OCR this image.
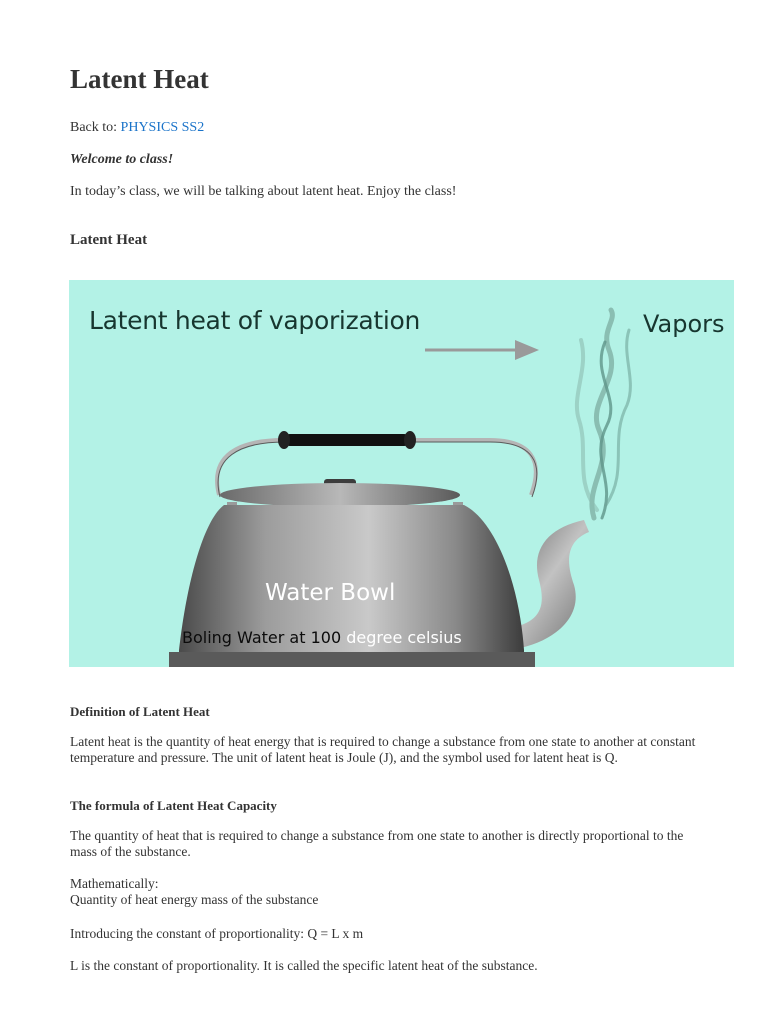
Latent Heat
Back to: PHYSICS SS2
Welcome to class!
In today’s class, we will be talking about latent heat. Enjoy the class!
Latent Heat
Latent heat of vaporization	Vapors
Water Bowl
Boling Water at 100 degree celsius
Definition of Latent Heat

Latent heat is the quantity of heat energy that is required to change a substance from one state to another at constant temperature and pressure. The unit of latent heat is Joule (J), and the symbol used for latent heat is Q.

The formula of Latent Heat Capacity

The quantity of heat that is required to change a substance from one state to another is directly proportional to the mass of the substance.

Mathematically:

Quantity of heat energy mass of the substance

Introducing the constant of proportionality: Q = L x m

L is the constant of proportionality. It is called the specific latent heat of the substance.
